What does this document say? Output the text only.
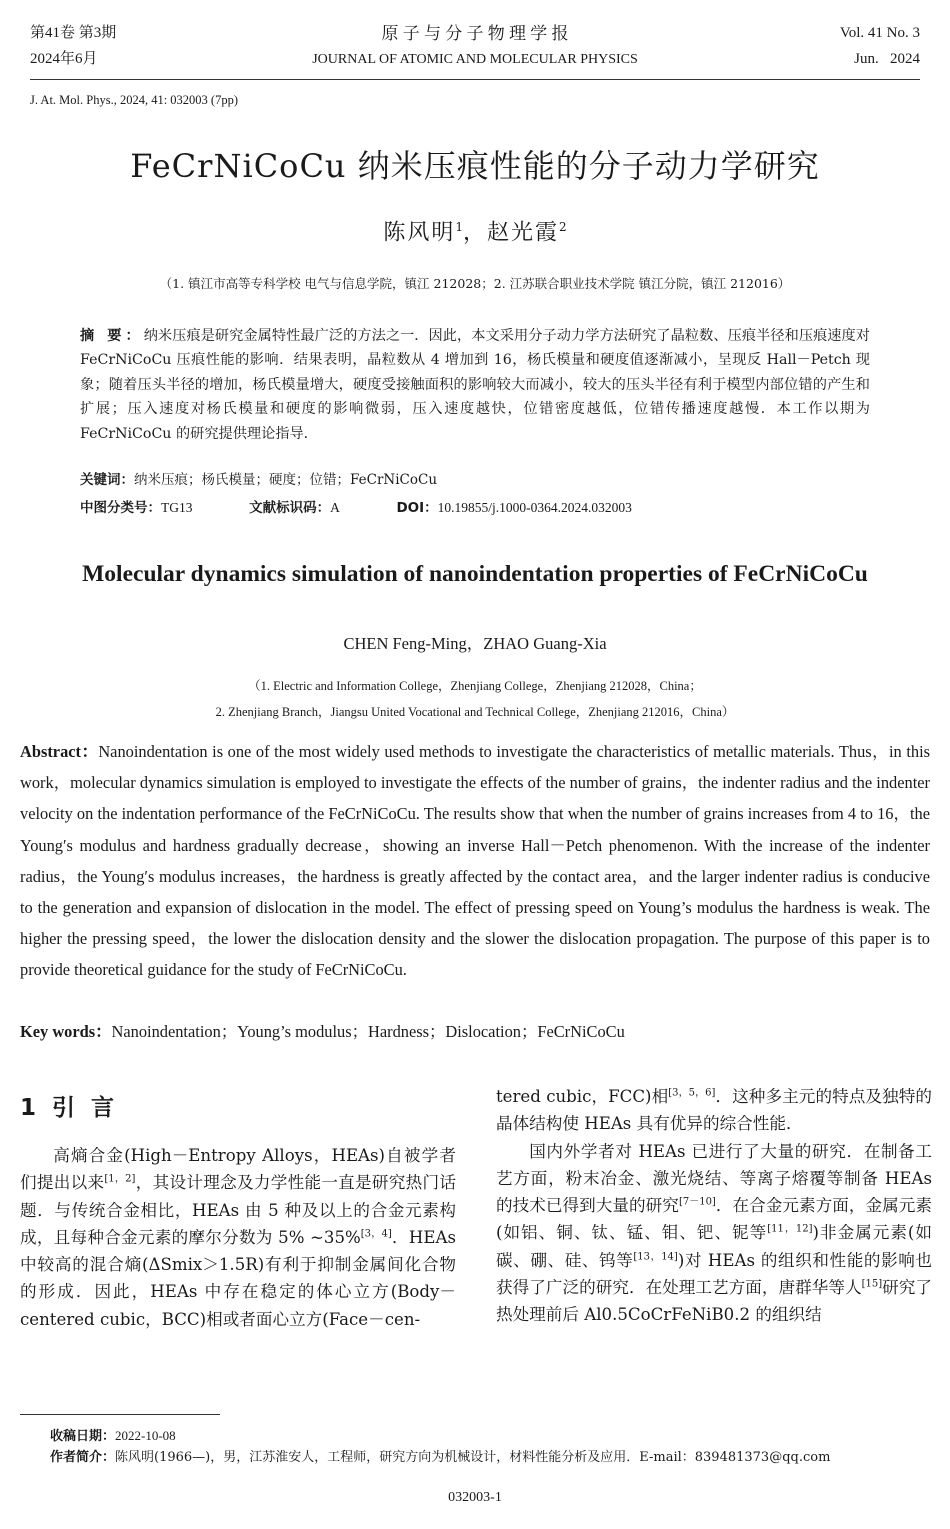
第41卷 第3期
2024年6月
原 子 与 分 子 物 理 学 报
JOURNAL OF ATOMIC AND MOLECULAR PHYSICS
Vol. 41 No. 3
Jun.   2024
J. At. Mol. Phys., 2024, 41: 032003 (7pp)
FeCrNiCoCu 纳米压痕性能的分子动力学研究
陈风明$^1$，赵光霞$^2$
（1. 镇江市高等专科学校 电气与信息学院，镇江 212028；2. 江苏联合职业技术学院 镇江分院，镇江 212016）
摘 要：纳米压痕是研究金属特性最广泛的方法之一．因此，本文采用分子动力学方法研究了晶粒数、压痕半径和压痕速度对 FeCrNiCoCu 压痕性能的影响．结果表明，晶粒数从 4 增加到 16，杨氏模量和硬度值逐渐减小，呈现反 Hall－Petch 现象；随着压头半径的增加，杨氏模量增大，硬度受接触面积的影响较大而减小，较大的压头半径有利于模型内部位错的产生和扩展；压入速度对杨氏模量和硬度的影响微弱，压入速度越快，位错密度越低，位错传播速度越慢．本工作以期为 FeCrNiCoCu 的研究提供理论指导．
关键词：纳米压痕；杨氏模量；硬度；位错；FeCrNiCoCu
中图分类号：TG13	文献标识码：A	DOI：10.19855/j.1000-0364.2024.032003
Molecular dynamics simulation of nanoindentation properties of FeCrNiCoCu
CHEN Feng-Ming，ZHAO Guang-Xia
（1. Electric and Information College，Zhenjiang College，Zhenjiang 212028，China；
2. Zhenjiang Branch，Jiangsu United Vocational and Technical College，Zhenjiang 212016，China）
Abstract：Nanoindentation is one of the most widely used methods to investigate the characteristics of metallic materials. Thus，in this work，molecular dynamics simulation is employed to investigate the effects of the number of grains，the indenter radius and the indenter velocity on the indentation performance of the FeCrNiCoCu. The results show that when the number of grains increases from 4 to 16，the Young′s modulus and hardness gradually decrease，showing an inverse Hall－Petch phenomenon. With the increase of the indenter radius，the Young′s modulus increases，the hardness is greatly affected by the contact area，and the larger indenter radius is conducive to the generation and expansion of dislocation in the model. The effect of pressing speed on Young’s modulus the hardness is weak. The higher the pressing speed，the lower the dislocation density and the slower the dislocation propagation. The purpose of this paper is to provide theoretical guidance for the study of FeCrNiCoCu.
Key words：Nanoindentation；Young’s modulus；Hardness；Dislocation；FeCrNiCoCu
1  引  言

高熵合金(High－Entropy Alloys，HEAs)自被学者们提出以来[1，2]，其设计理念及力学性能一直是研究热门话题．与传统合金相比，HEAs 由 5 种及以上的合金元素构成，且每种合金元素的摩尔分数为 5% ~35%[3，4]．HEAs 中较高的混合熵(ΔSmix＞1.5R)有利于抑制金属间化合物的形成．因此，HEAs 中存在稳定的体心立方(Body－centered cubic，BCC)相或者面心立方(Face－cen-

tered cubic，FCC)相[3，5，6]．这种多主元的特点及独特的晶体结构使 HEAs 具有优异的综合性能．

国内外学者对 HEAs 已进行了大量的研究．在制备工艺方面，粉末冶金、激光烧结、等离子熔覆等制备 HEAs 的技术已得到大量的研究[7－10]．在合金元素方面，金属元素(如铝、铜、钛、锰、钼、钯、铌等[11，12])非金属元素(如碳、硼、硅、钨等[13，14])对 HEAs 的组织和性能的影响也获得了广泛的研究．在处理工艺方面，唐群华等人[15]研究了热处理前后 Al0.5CoCrFeNiB0.2 的组织结

收稿日期：2022-10-08
作者简介：陈风明(1966—)，男，江苏淮安人，工程师，研究方向为机械设计，材料性能分析及应用．E-mail：839481373@qq.com
032003-1
